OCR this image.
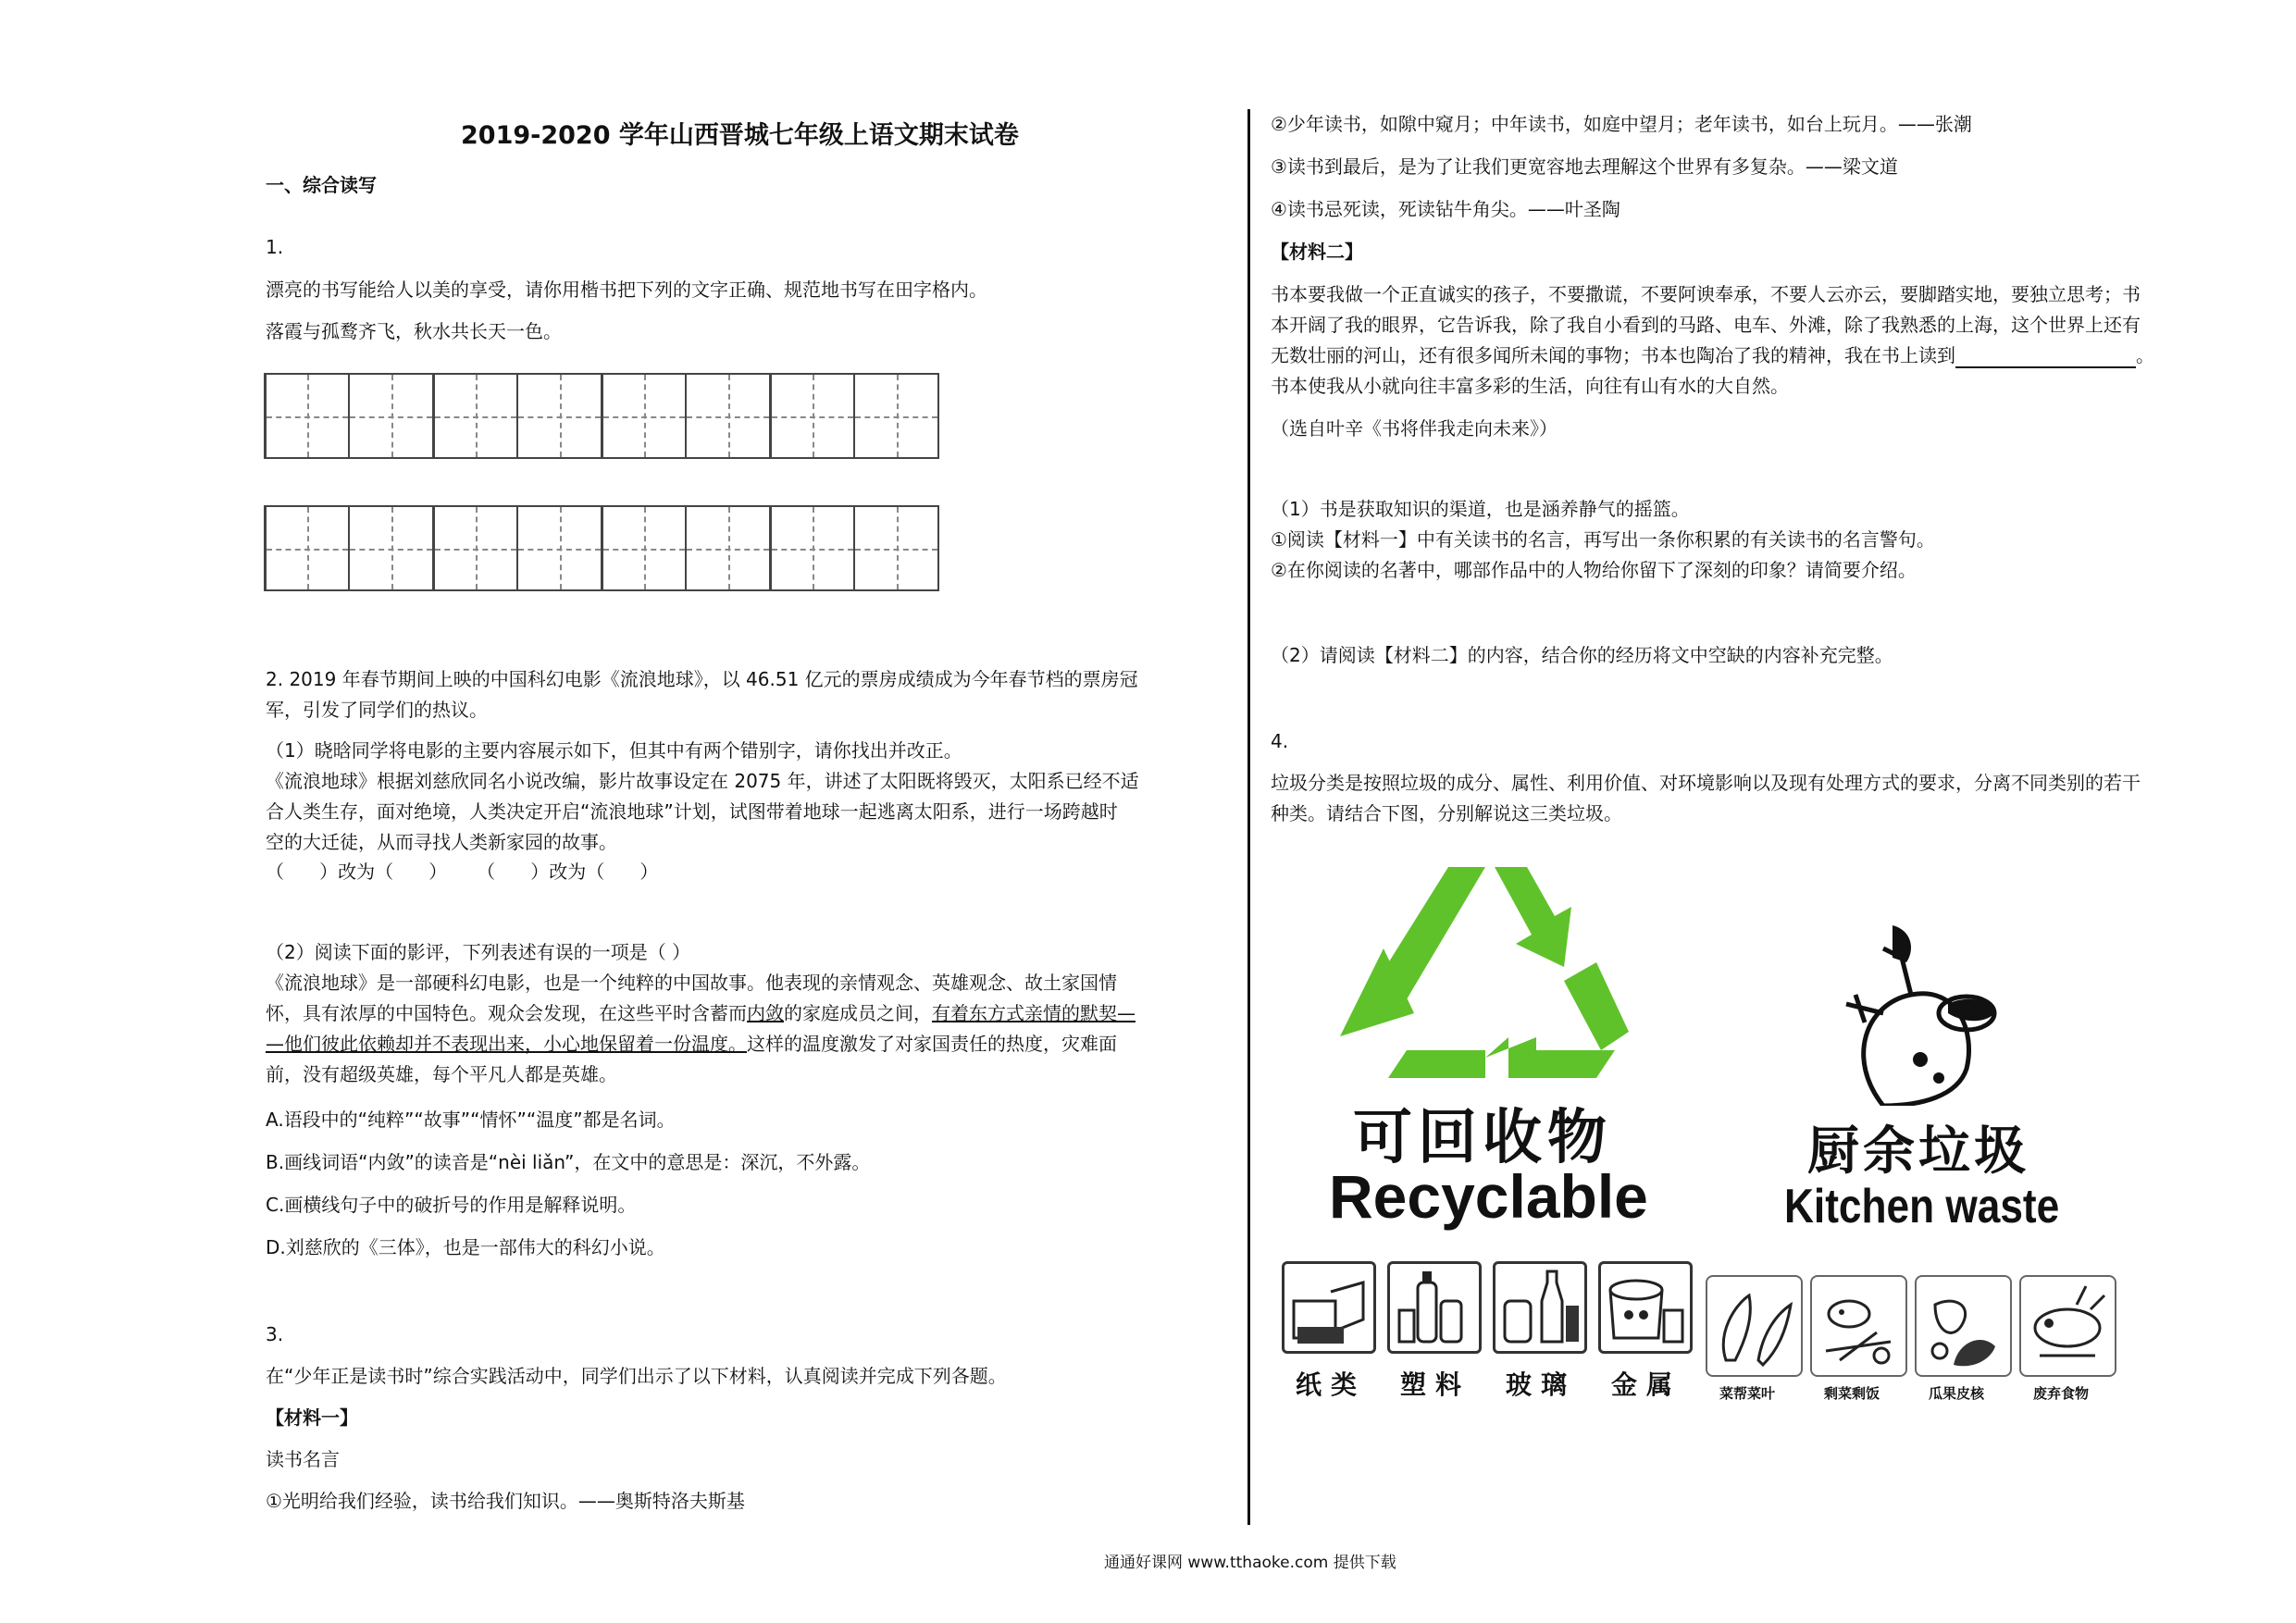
2019-2020 学年山西晋城七年级上语文期末试卷
一、综合读写
1.
漂亮的书写能给人以美的享受，请你用楷书把下列的文字正确、规范地书写在田字格内。
落霞与孤鹜齐飞，秋水共长天一色。
2. 2019 年春节期间上映的中国科幻电影《流浪地球》，以 46.51 亿元的票房成绩成为今年春节档的票房冠
军，引发了同学们的热议。
（1）晓晗同学将电影的主要内容展示如下，但其中有两个错别字，请你找出并改正。
《流浪地球》根据刘慈欣同名小说改编，影片故事设定在 2075 年，讲述了太阳既将毁灭，太阳系已经不适
合人类生存，面对绝境，人类决定开启“流浪地球”计划，试图带着地球一起逃离太阳系，进行一场跨越时
空的大迁徒，从而寻找人类新家园的故事。
（      ）改为（      ）     （      ）改为（      ）
（2）阅读下面的影评，下列表述有误的一项是（ ）
《流浪地球》是一部硬科幻电影，也是一个纯粹的中国故事。他表现的亲情观念、英雄观念、故土家国情
怀，具有浓厚的中国特色。观众会发现，在这些平时含蓄而内敛的家庭成员之间，有着东方式亲情的默契—
—他们彼此依赖却并不表现出来，小心地保留着一份温度。这样的温度激发了对家国责任的热度，灾难面
前，没有超级英雄，每个平凡人都是英雄。
A.语段中的“纯粹”“故事”“情怀”“温度”都是名词。
B.画线词语“内敛”的读音是“nèi liǎn”，在文中的意思是：深沉，不外露。
C.画横线句子中的破折号的作用是解释说明。
D.刘慈欣的《三体》，也是一部伟大的科幻小说。
3.
在“少年正是读书时”综合实践活动中，同学们出示了以下材料，认真阅读并完成下列各题。
【材料一】
读书名言
①光明给我们经验，读书给我们知识。——奥斯特洛夫斯基
②少年读书，如隙中窥月；中年读书，如庭中望月；老年读书，如台上玩月。——张潮
③读书到最后，是为了让我们更宽容地去理解这个世界有多复杂。——梁文道
④读书忌死读，死读钻牛角尖。——叶圣陶
【材料二】
书本要我做一个正直诚实的孩子，不要撒谎，不要阿谀奉承，不要人云亦云，要脚踏实地，要独立思考；书
本开阔了我的眼界，它告诉我，除了我自小看到的马路、电车、外滩，除了我熟悉的上海，这个世界上还有
无数壮丽的河山，还有很多闻所未闻的事物；书本也陶冶了我的精神，我在书上读到	。
书本使我从小就向往丰富多彩的生活，向往有山有水的大自然。
（选自叶辛《书将伴我走向未来》）
（1）书是获取知识的渠道，也是涵养静气的摇篮。
①阅读【材料一】中有关读书的名言，再写出一条你积累的有关读书的名言警句。
②在你阅读的名著中，哪部作品中的人物给你留下了深刻的印象？请简要介绍。
（2）请阅读【材料二】的内容，结合你的经历将文中空缺的内容补充完整。
4.
垃圾分类是按照垃圾的成分、属性、利用价值、对环境影响以及现有处理方式的要求，分离不同类别的若干
种类。请结合下图，分别解说这三类垃圾。
可回收物
Recyclable
纸类 塑料 玻璃 金属
厨余垃圾
Kitchen waste
菜帮菜叶	剩菜剩饭	瓜果皮核	废弃食物
通通好课网 www.tthaoke.com 提供下载
